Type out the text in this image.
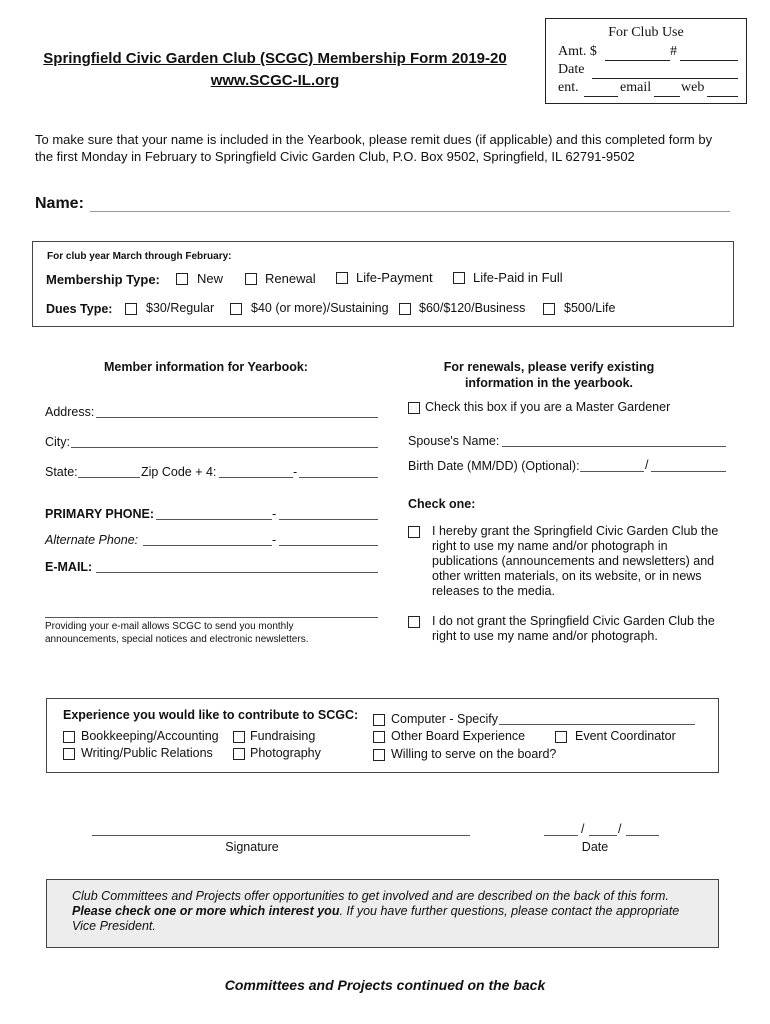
For Club Use
Amt. $	#
Date
ent.	email web
Springfield Civic Garden Club (SCGC) Membership Form 2019-20
www.SCGC-IL.org
To make sure that your name is included in the Yearbook, please remit dues (if applicable) and this completed form by the first Monday in February to Springfield Civic Garden Club, P.O. Box 9502, Springfield, IL 62791-9502
Name:
For club year March through February:
Membership Type:	New	Renewal	Life-Payment	Life-Paid in Full
Dues Type:	$30/Regular	$40 (or more)/Sustaining $60/$120/Business	$500/Life
Member information for Yearbook:
Address:
City:
State:	Zip Code + 4:	-
PRIMARY PHONE:	-
Alternate Phone:	-
E-MAIL:
Providing your e-mail allows SCGC to send you monthly announcements, special notices and electronic newsletters.
For renewals, please verify existing
information in the yearbook.
Check this box if you are a Master Gardener
Spouse's Name:
Birth Date (MM/DD) (Optional):	/
Check one:
I hereby grant the Springfield Civic Garden Club the right to use my name and/or photograph in publications (announcements and newsletters) and other written materials, on its website, or in news releases to the media.
I do not grant the Springfield Civic Garden Club the right to use my name and/or photograph.
Experience you would like to contribute to SCGC:
Bookkeeping/Accounting	Fundraising
Writing/Public Relations	Photography
Computer - Specify
Other Board Experience	Event Coordinator
Willing to serve on the board?
Signature
/	/
Date
Club Committees and Projects offer opportunities to get involved and are described on the back of this form. Please check one or more which interest you. If you have further questions, please contact the appropriate Vice President.
Committees and Projects continued on the back
